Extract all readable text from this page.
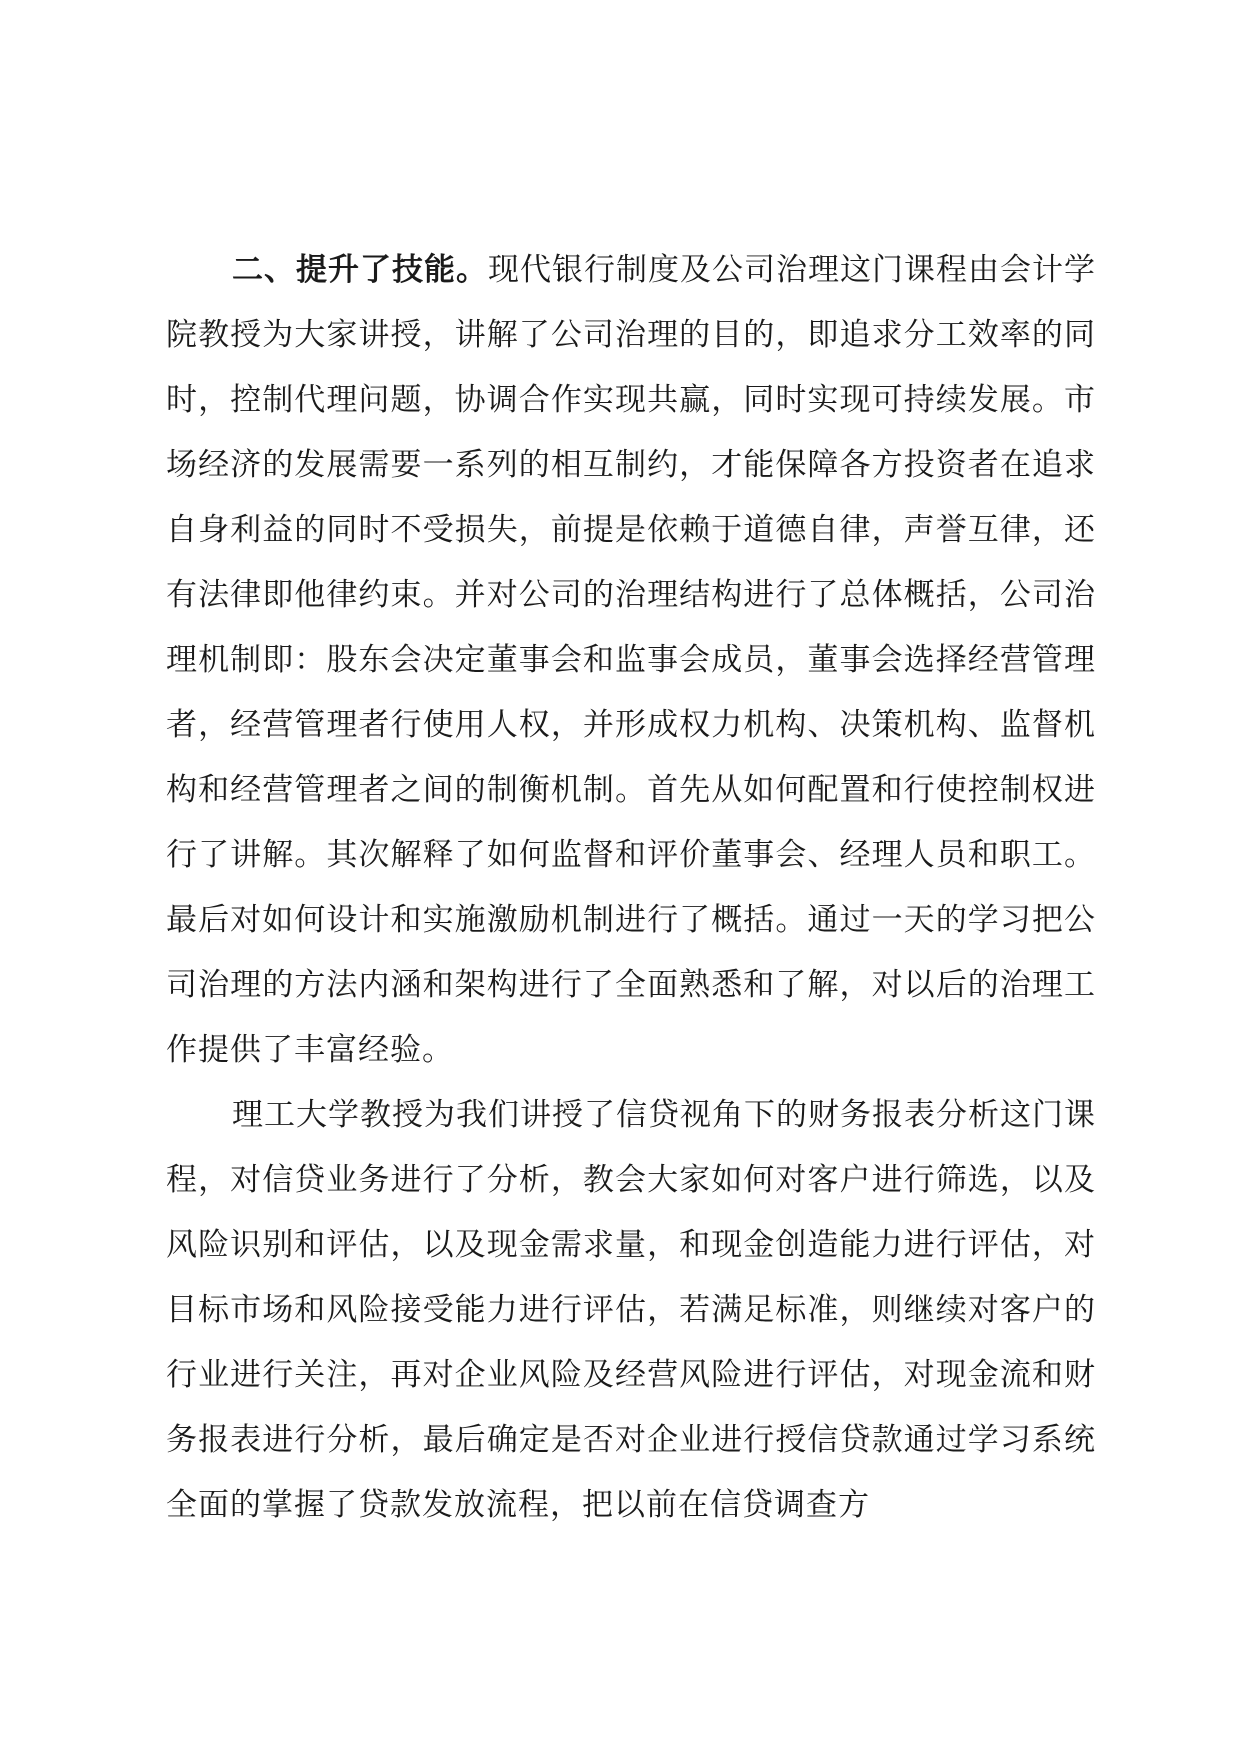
二、提升了技能。现代银行制度及公司治理这门课程由会计学院教授为大家讲授，讲解了公司治理的目的，即追求分工效率的同时，控制代理问题，协调合作实现共赢，同时实现可持续发展。市场经济的发展需要一系列的相互制约，才能保障各方投资者在追求自身利益的同时不受损失，前提是依赖于道德自律，声誉互律，还有法律即他律约束。并对公司的治理结构进行了总体概括，公司治理机制即：股东会决定董事会和监事会成员，董事会选择经营管理者，经营管理者行使用人权，并形成权力机构、决策机构、监督机构和经营管理者之间的制衡机制。首先从如何配置和行使控制权进行了讲解。其次解释了如何监督和评价董事会、经理人员和职工。最后对如何设计和实施激励机制进行了概括。通过一天的学习把公司治理的方法内涵和架构进行了全面熟悉和了解，对以后的治理工作提供了丰富经验。

理工大学教授为我们讲授了信贷视角下的财务报表分析这门课程，对信贷业务进行了分析，教会大家如何对客户进行筛选，以及风险识别和评估，以及现金需求量，和现金创造能力进行评估，对目标市场和风险接受能力进行评估，若满足标准，则继续对客户的行业进行关注，再对企业风险及经营风险进行评估，对现金流和财务报表进行分析，最后确定是否对企业进行授信贷款通过学习系统全面的掌握了贷款发放流程，把以前在信贷调查方
